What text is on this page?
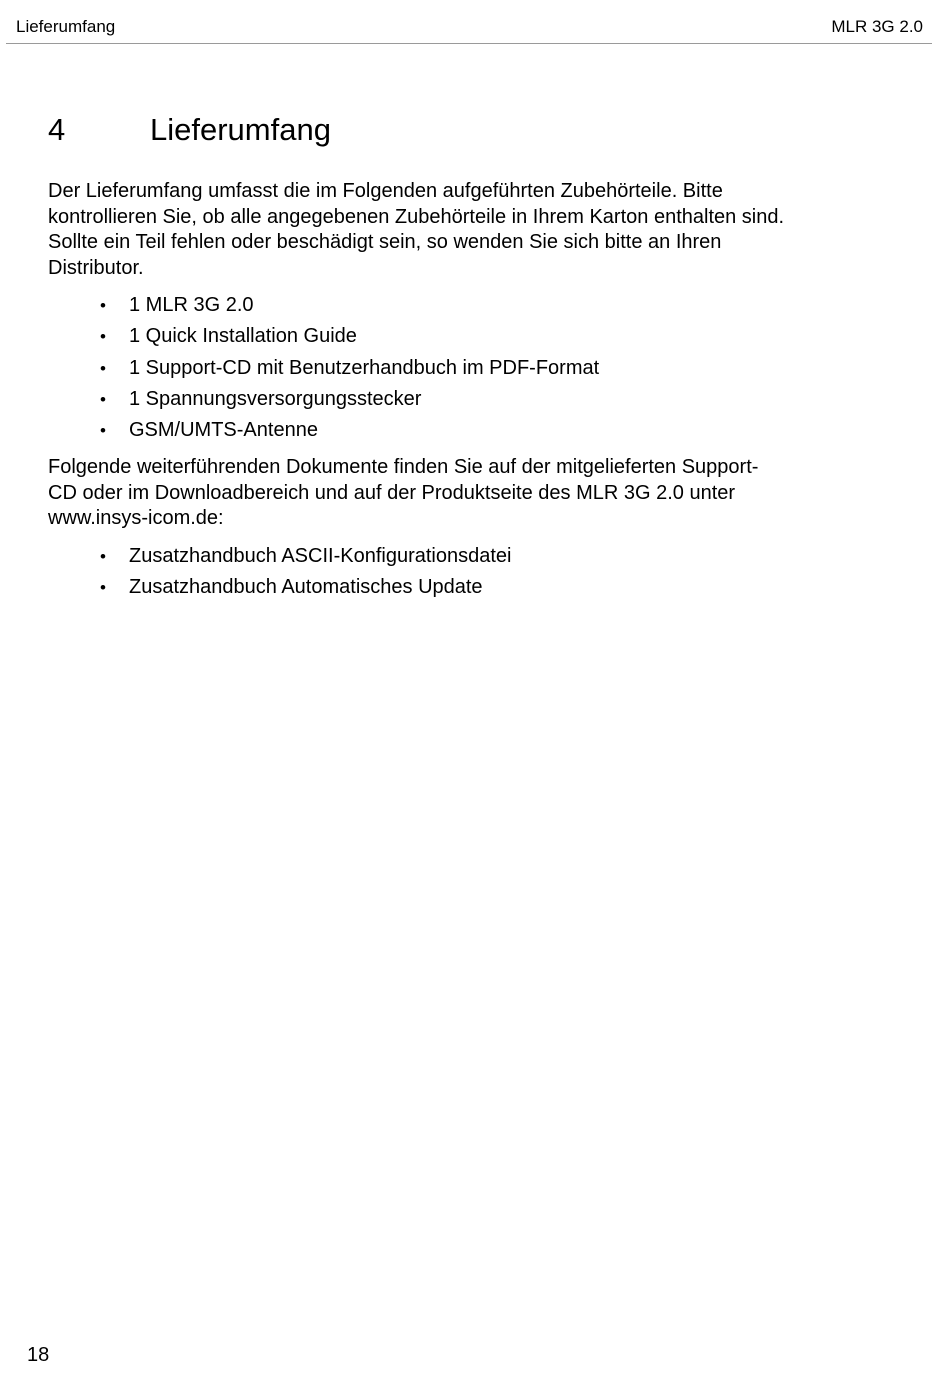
Lieferumfang	MLR 3G 2.0
4	Lieferumfang

Der Lieferumfang umfasst die im Folgenden aufgeführten Zubehörteile. Bitte
kontrollieren Sie, ob alle angegebenen Zubehörteile in Ihrem Karton enthalten sind.
Sollte ein Teil fehlen oder beschädigt sein, so wenden Sie sich bitte an Ihren
Distributor.

• 1 MLR 3G 2.0
• 1 Quick Installation Guide
• 1 Support-CD mit Benutzerhandbuch im PDF-Format
• 1 Spannungsversorgungsstecker
• GSM/UMTS-Antenne

Folgende weiterführenden Dokumente finden Sie auf der mitgelieferten Support-
CD oder im Downloadbereich und auf der Produktseite des MLR 3G 2.0 unter
www.insys-icom.de:

• Zusatzhandbuch ASCII-Konfigurationsdatei
• Zusatzhandbuch Automatisches Update
18
